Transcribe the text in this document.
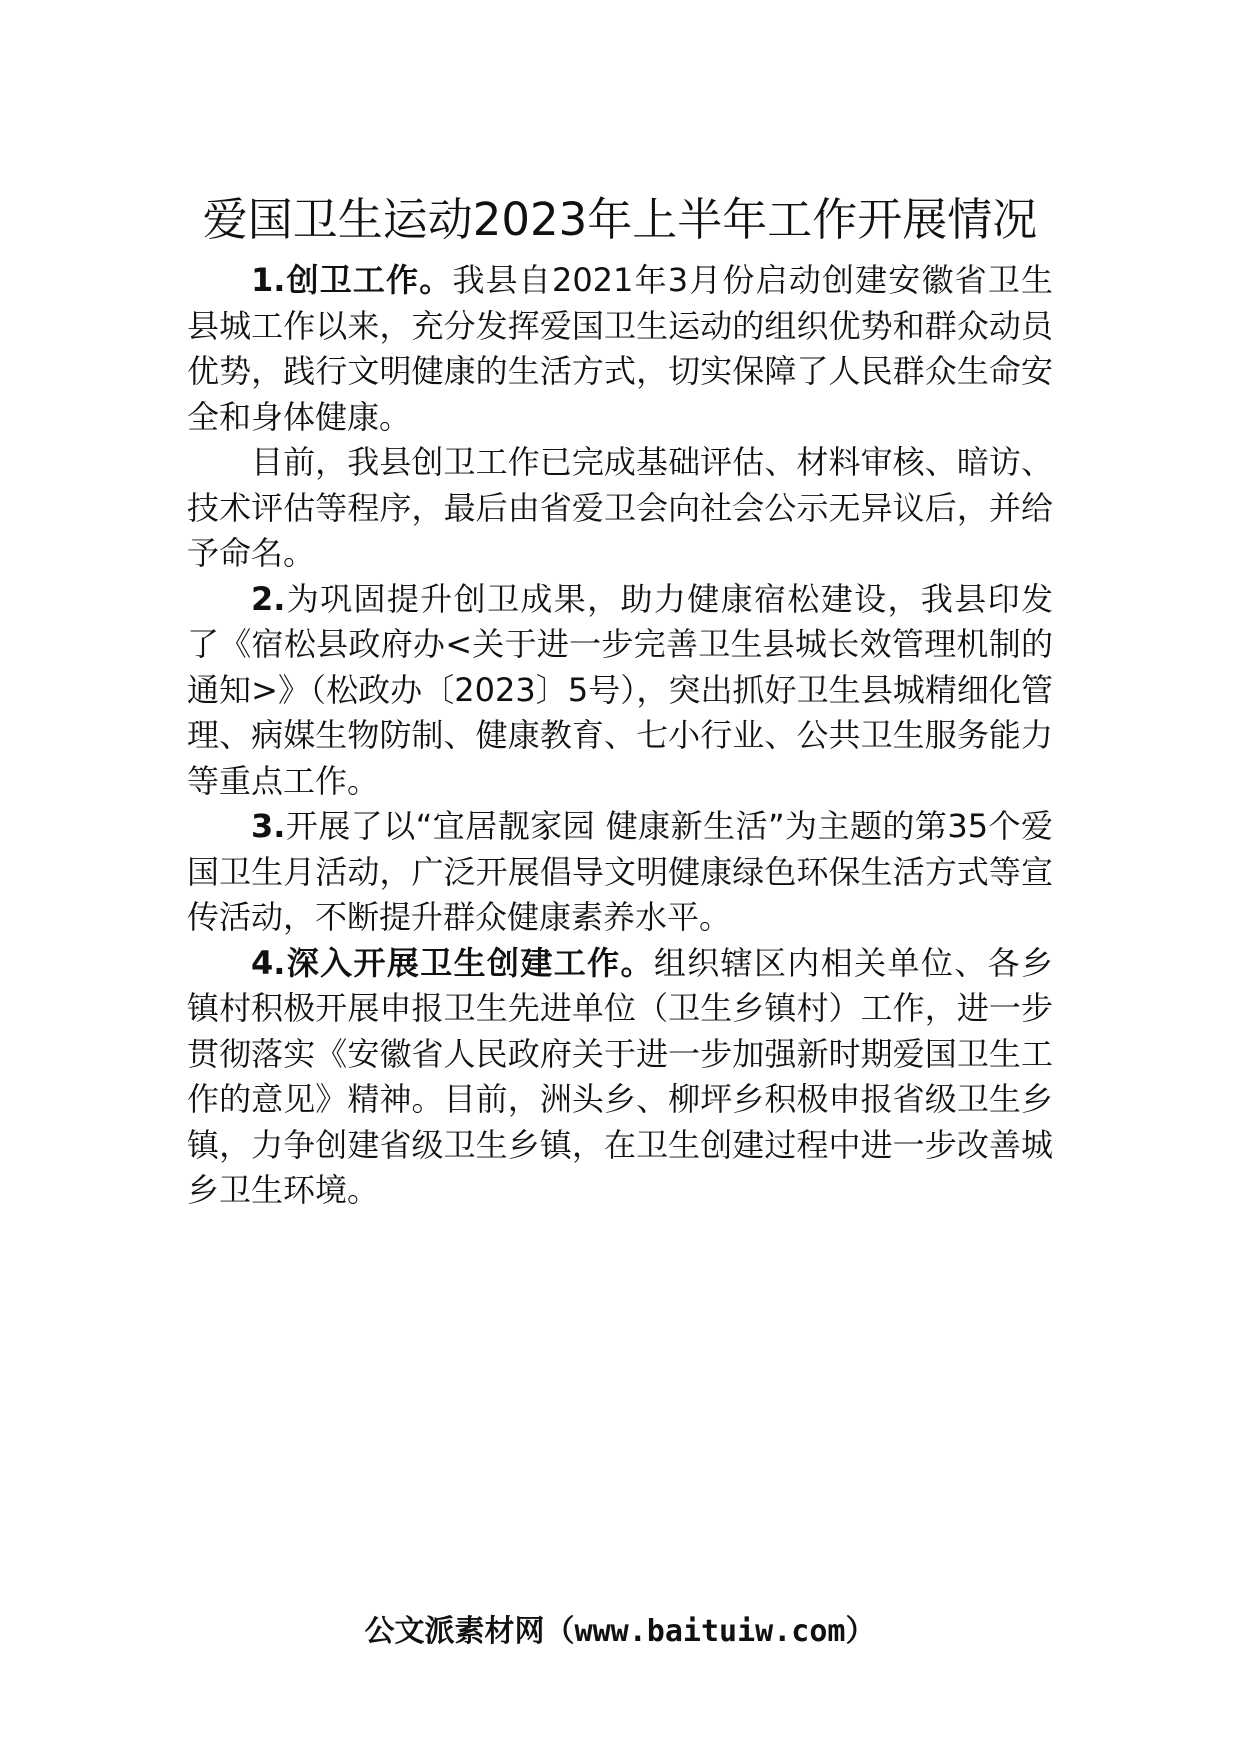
爱国卫生运动2023年上半年工作开展情况

1.创卫工作。我县自2021年3月份启动创建安徽省卫生县城工作以来，充分发挥爱国卫生运动的组织优势和群众动员优势，践行文明健康的生活方式，切实保障了人民群众生命安全和身体健康。

目前，我县创卫工作已完成基础评估、材料审核、暗访、技术评估等程序，最后由省爱卫会向社会公示无异议后，并给予命名。

2.为巩固提升创卫成果，助力健康宿松建设，我县印发了《宿松县政府办<关于进一步完善卫生县城长效管理机制的通知>》（松政办〔2023〕5号），突出抓好卫生县城精细化管理、病媒生物防制、健康教育、七小行业、公共卫生服务能力等重点工作。

3.开展了以“宜居靓家园 健康新生活”为主题的第35个爱国卫生月活动，广泛开展倡导文明健康绿色环保生活方式等宣传活动，不断提升群众健康素养水平。

4.深入开展卫生创建工作。组织辖区内相关单位、各乡镇村积极开展申报卫生先进单位（卫生乡镇村）工作，进一步贯彻落实《安徽省人民政府关于进一步加强新时期爱国卫生工作的意见》精神。目前，洲头乡、柳坪乡积极申报省级卫生乡镇，力争创建省级卫生乡镇，在卫生创建过程中进一步改善城乡卫生环境。

公文派素材网（www.baituiw.com）
